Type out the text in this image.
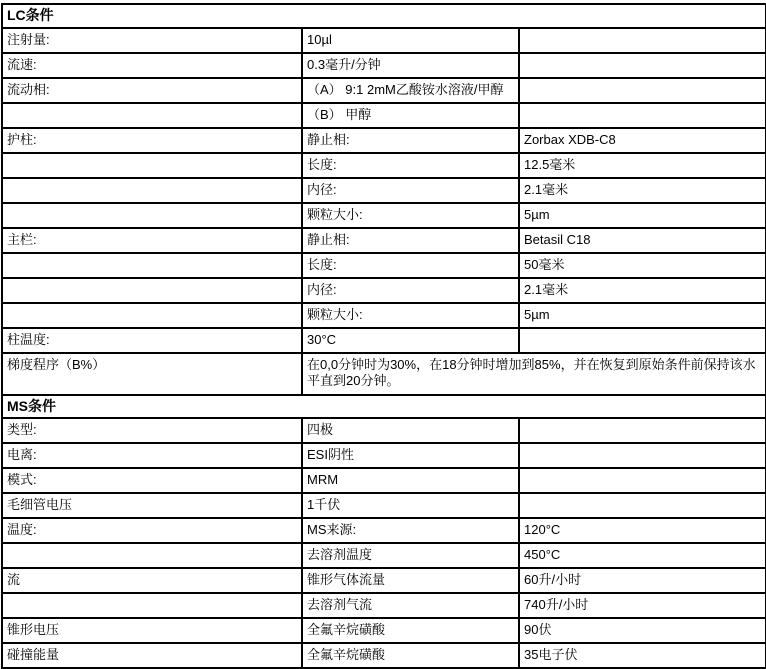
LC条件		
注射量:	10µl	
流速:	0.3毫升/分钟	
流动相:	（A） 9:1 2mM乙酸铵水溶液/甲醇	
	（B） 甲醇	
护柱:	静止相:	Zorbax XDB-C8
	长度:	12.5毫米
	内径:	2.1毫米
	颗粒大小:	5µm
主栏:	静止相:	Betasil C18
	长度:	50毫米
	内径:	2.1毫米
	颗粒大小:	5µm
柱温度:	30°C	
梯度程序（B%）	在0,0分钟时为30%，在18分钟时增加到85%，并在恢复到原始条件前保持该水平直到20分钟。	
MS条件		
类型:	四极	
电离:	ESI阴性	
模式:	MRM	
毛细管电压	1千伏	
温度:	MS来源:	120°C
	去溶剂温度	450°C
流	锥形气体流量	60升/小时
	去溶剂气流	740升/小时
锥形电压	全氟辛烷磺酸	90伏
碰撞能量	全氟辛烷磺酸	35电子伏
